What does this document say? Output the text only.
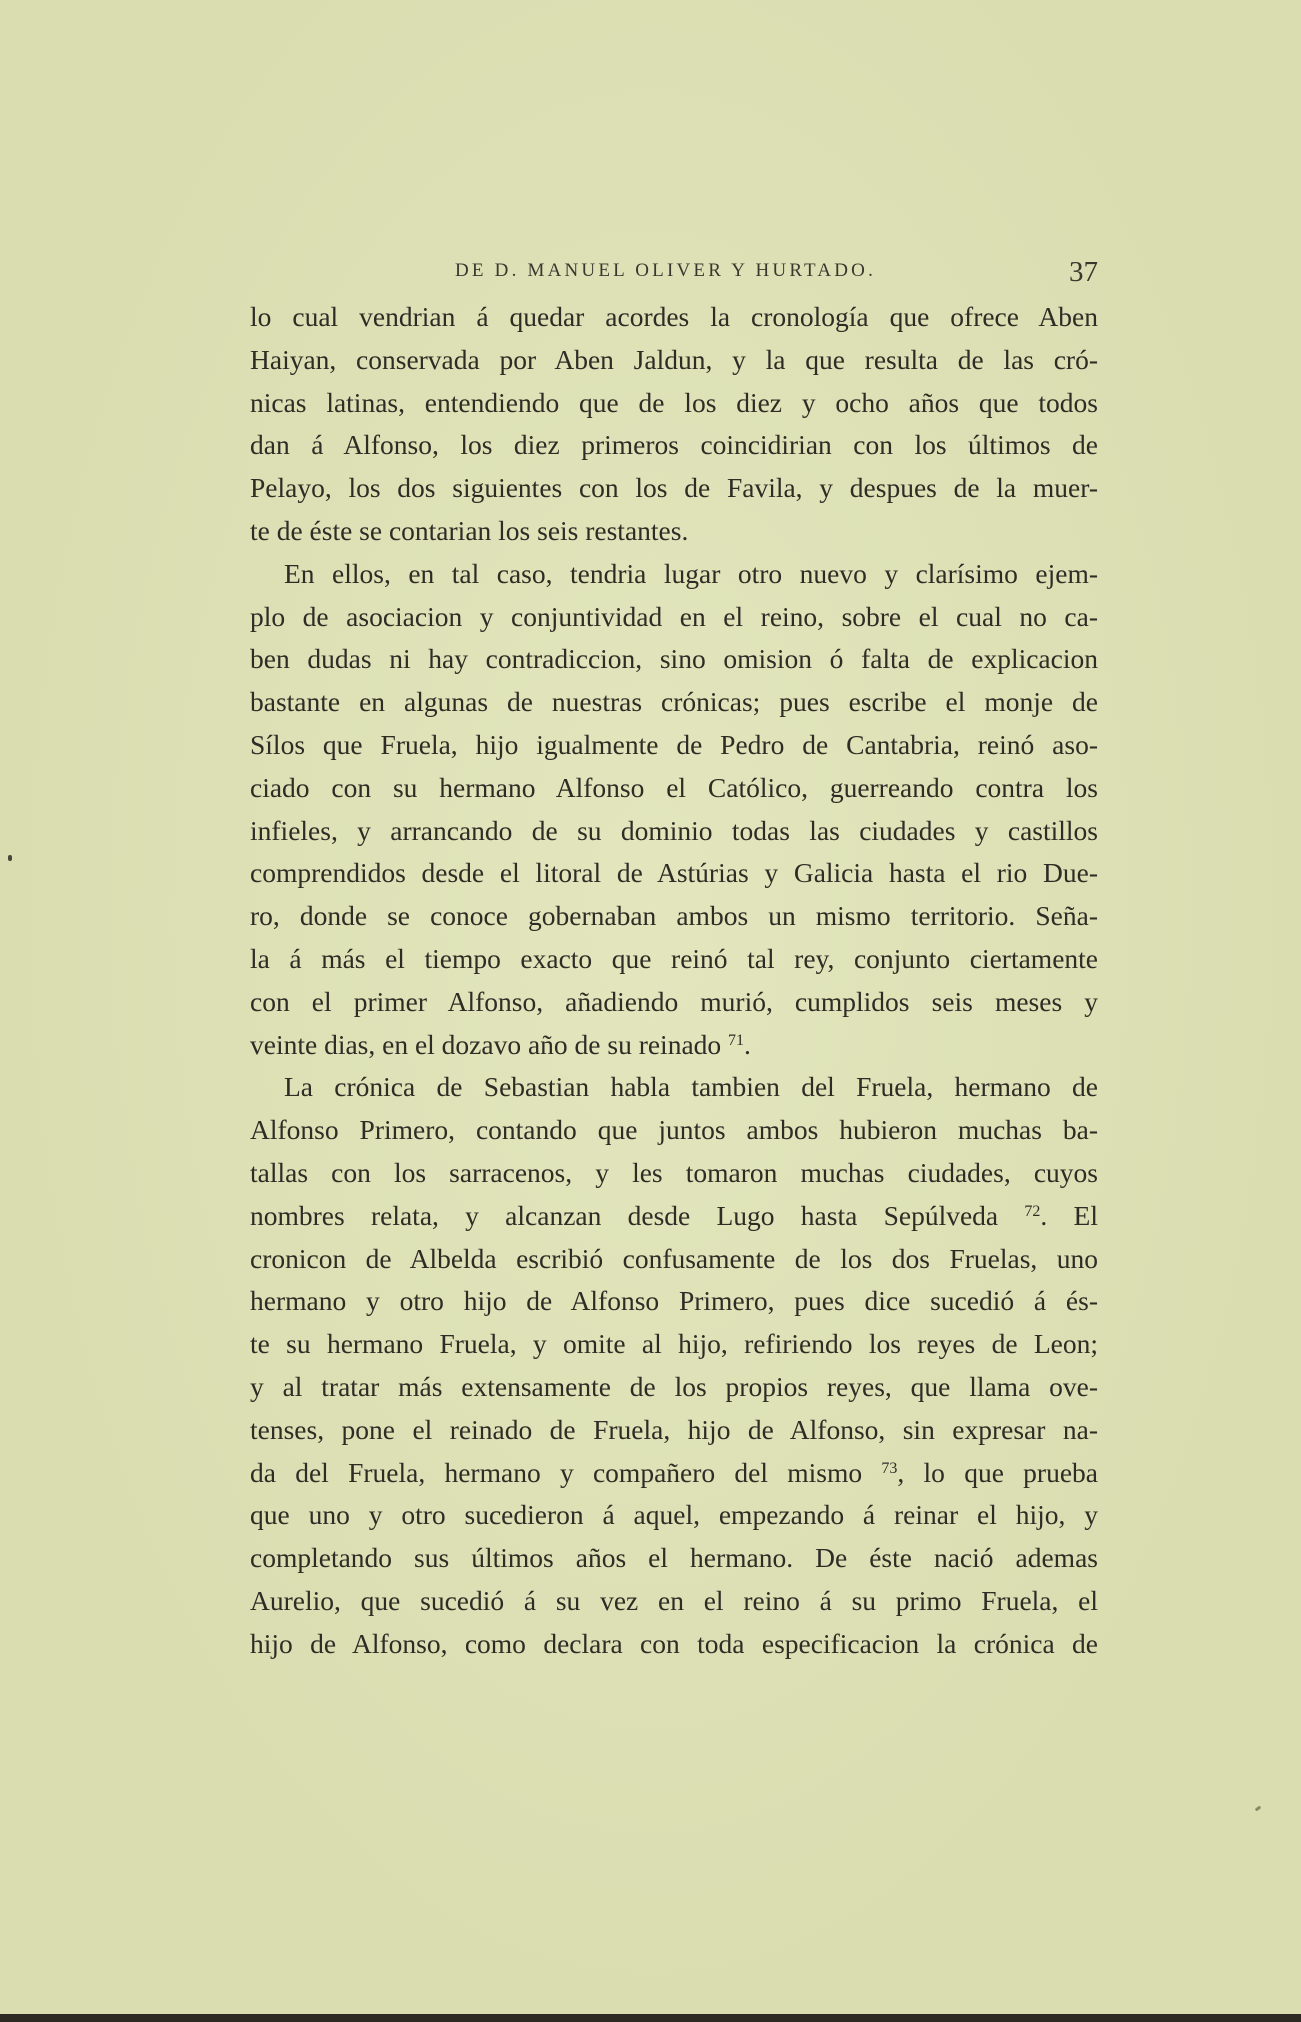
DE D. MANUEL OLIVER Y HURTADO.	37
lo cual vendrian á quedar acordes la cronología que ofrece Aben
Haiyan, conservada por Aben Jaldun, y la que resulta de las cró-
nicas latinas, entendiendo que de los diez y ocho años que todos
dan á Alfonso, los diez primeros coincidirian con los últimos de
Pelayo, los dos siguientes con los de Favila, y despues de la muer-
te de éste se contarian los seis restantes.
En ellos, en tal caso, tendria lugar otro nuevo y clarísimo ejem-
plo de asociacion y conjuntividad en el reino, sobre el cual no ca-
ben dudas ni hay contradiccion, sino omision ó falta de explicacion
bastante en algunas de nuestras crónicas; pues escribe el monje de
Sílos que Fruela, hijo igualmente de Pedro de Cantabria, reinó aso-
ciado con su hermano Alfonso el Católico, guerreando contra los
infieles, y arrancando de su dominio todas las ciudades y castillos
comprendidos desde el litoral de Astúrias y Galicia hasta el rio Due-
ro, donde se conoce gobernaban ambos un mismo territorio. Seña-
la á más el tiempo exacto que reinó tal rey, conjunto ciertamente
con el primer Alfonso, añadiendo murió, cumplidos seis meses y
veinte dias, en el dozavo año de su reinado $^{71}$.
La crónica de Sebastian habla tambien del Fruela, hermano de
Alfonso Primero, contando que juntos ambos hubieron muchas ba-
tallas con los sarracenos, y les tomaron muchas ciudades, cuyos
nombres relata, y alcanzan desde Lugo hasta Sepúlveda $^{72}$. El
cronicon de Albelda escribió confusamente de los dos Fruelas, uno
hermano y otro hijo de Alfonso Primero, pues dice sucedió á és-
te su hermano Fruela, y omite al hijo, refiriendo los reyes de Leon;
y al tratar más extensamente de los propios reyes, que llama ove-
tenses, pone el reinado de Fruela, hijo de Alfonso, sin expresar na-
da del Fruela, hermano y compañero del mismo $^{73}$, lo que prueba
que uno y otro sucedieron á aquel, empezando á reinar el hijo, y
completando sus últimos años el hermano. De éste nació ademas
Aurelio, que sucedió á su vez en el reino á su primo Fruela, el
hijo de Alfonso, como declara con toda especificacion la crónica de
